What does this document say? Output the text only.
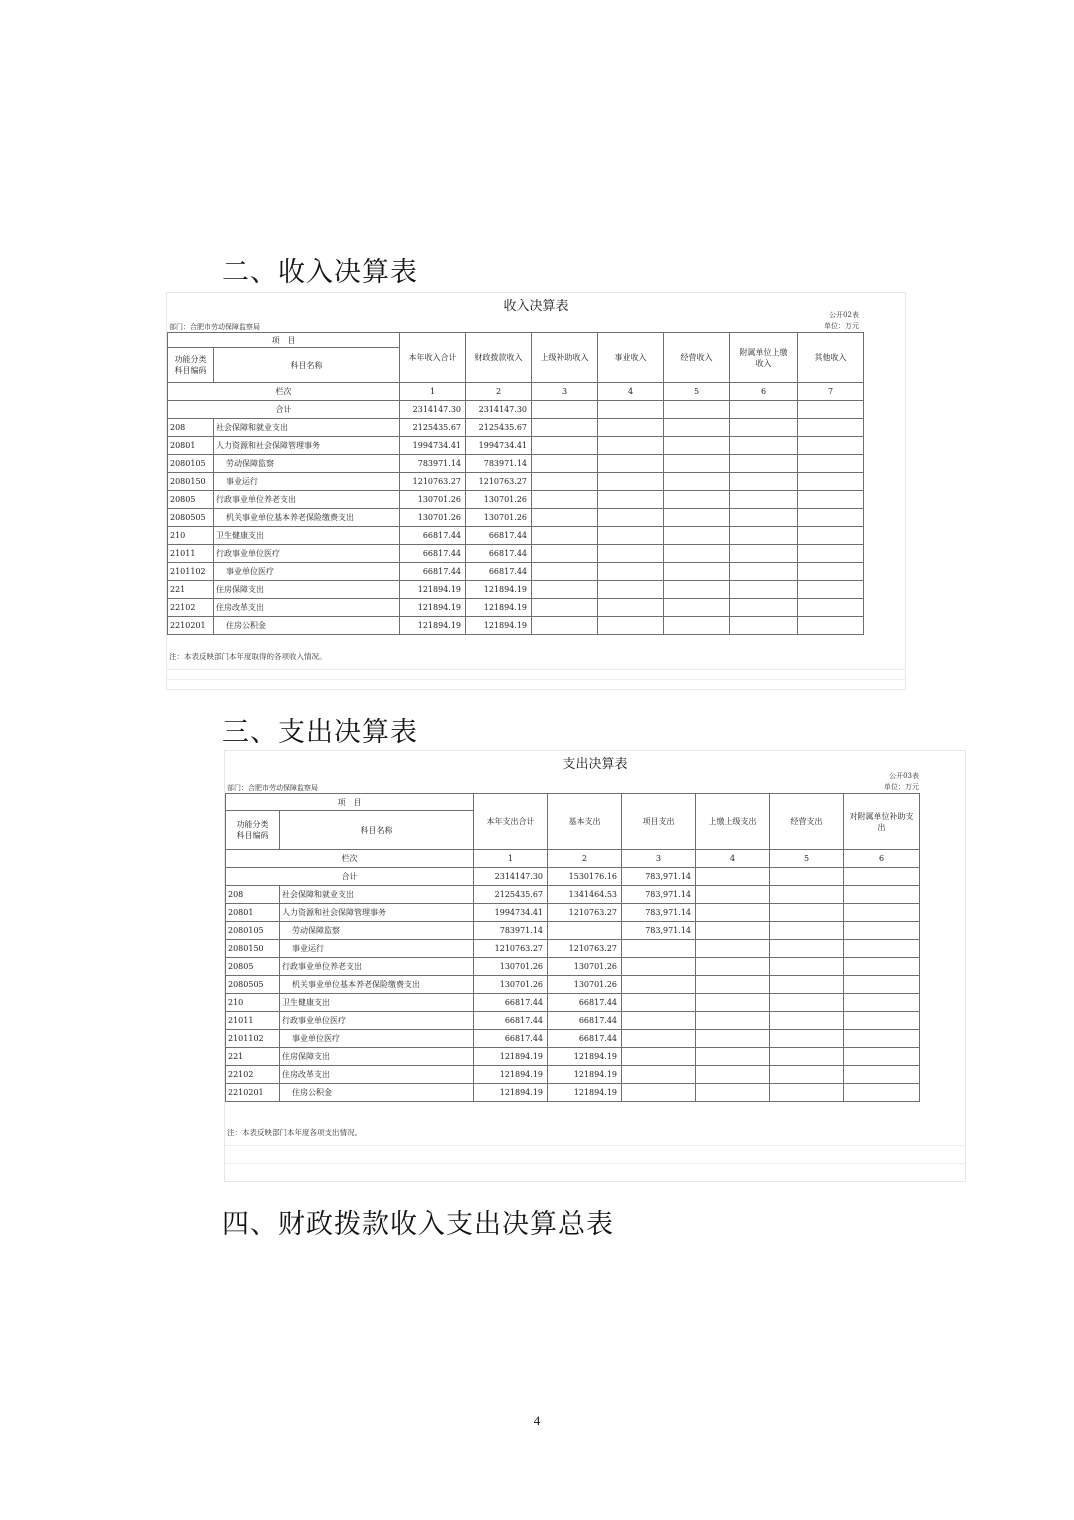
二、收入决算表
收入决算表
公开02表
单位：万元
部门：合肥市劳动保障监察局
项　目		本年收入合计	财政拨款收入	上级补助收入	事业收入	经营收入	附属单位上缴收入	其他收入
功能分类
科目编码	科目名称							
栏次		1	2	3	4	5	6	7
合计		2314147.30	2314147.30					
208	社会保障和就业支出	2125435.67	2125435.67					
20801	人力资源和社会保障管理事务	1994734.41	1994734.41					
2080105	劳动保障监察	783971.14	783971.14					
2080150	事业运行	1210763.27	1210763.27					
20805	行政事业单位养老支出	130701.26	130701.26					
2080505	机关事业单位基本养老保险缴费支出	130701.26	130701.26					
210	卫生健康支出	66817.44	66817.44					
21011	行政事业单位医疗	66817.44	66817.44					
2101102	事业单位医疗	66817.44	66817.44					
221	住房保障支出	121894.19	121894.19					
22102	住房改革支出	121894.19	121894.19					
2210201	住房公积金	121894.19	121894.19					
注：本表反映部门本年度取得的各项收入情况。
三、支出决算表
支出决算表
公开03表
单位：万元
部门：合肥市劳动保障监察局
项　目		本年支出合计	基本支出	项目支出	上缴上级支出	经营支出	对附属单位补助支出
功能分类
科目编码	科目名称						
栏次		1	2	3	4	5	6
合计		2314147.30	1530176.16	783,971.14			
208	社会保障和就业支出	2125435.67	1341464.53	783,971.14			
20801	人力资源和社会保障管理事务	1994734.41	1210763.27	783,971.14			
2080105	劳动保障监察	783971.14		783,971.14			
2080150	事业运行	1210763.27	1210763.27				
20805	行政事业单位养老支出	130701.26	130701.26				
2080505	机关事业单位基本养老保险缴费支出	130701.26	130701.26				
210	卫生健康支出	66817.44	66817.44				
21011	行政事业单位医疗	66817.44	66817.44				
2101102	事业单位医疗	66817.44	66817.44				
221	住房保障支出	121894.19	121894.19				
22102	住房改革支出	121894.19	121894.19				
2210201	住房公积金	121894.19	121894.19				
注：本表反映部门本年度各项支出情况。
四、财政拨款收入支出决算总表
4
